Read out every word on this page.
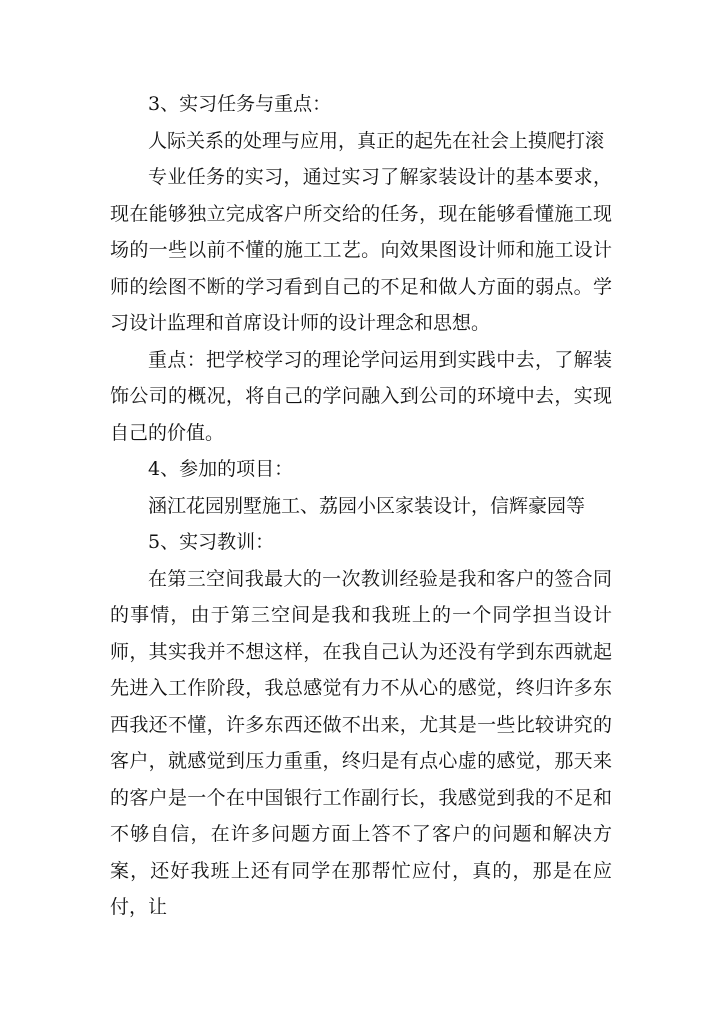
3、实习任务与重点：

人际关系的处理与应用，真正的起先在社会上摸爬打滚

专业任务的实习，通过实习了解家装设计的基本要求，现在能够独立完成客户所交给的任务，现在能够看懂施工现场的一些以前不懂的施工工艺。向效果图设计师和施工设计师的绘图不断的学习看到自己的不足和做人方面的弱点。学习设计监理和首席设计师的设计理念和思想。

重点：把学校学习的理论学问运用到实践中去，了解装饰公司的概况，将自己的学问融入到公司的环境中去，实现自己的价值。

4、参加的项目：

涵江花园别墅施工、荔园小区家装设计，信辉豪园等

5、实习教训：

在第三空间我最大的一次教训经验是我和客户的签合同的事情，由于第三空间是我和我班上的一个同学担当设计师，其实我并不想这样，在我自己认为还没有学到东西就起先进入工作阶段，我总感觉有力不从心的感觉，终归许多东西我还不懂，许多东西还做不出来，尤其是一些比较讲究的客户，就感觉到压力重重，终归是有点心虚的感觉，那天来的客户是一个在中国银行工作副行长，我感觉到我的不足和不够自信，在许多问题方面上答不了客户的问题和解决方案，还好我班上还有同学在那帮忙应付，真的，那是在应付，让
